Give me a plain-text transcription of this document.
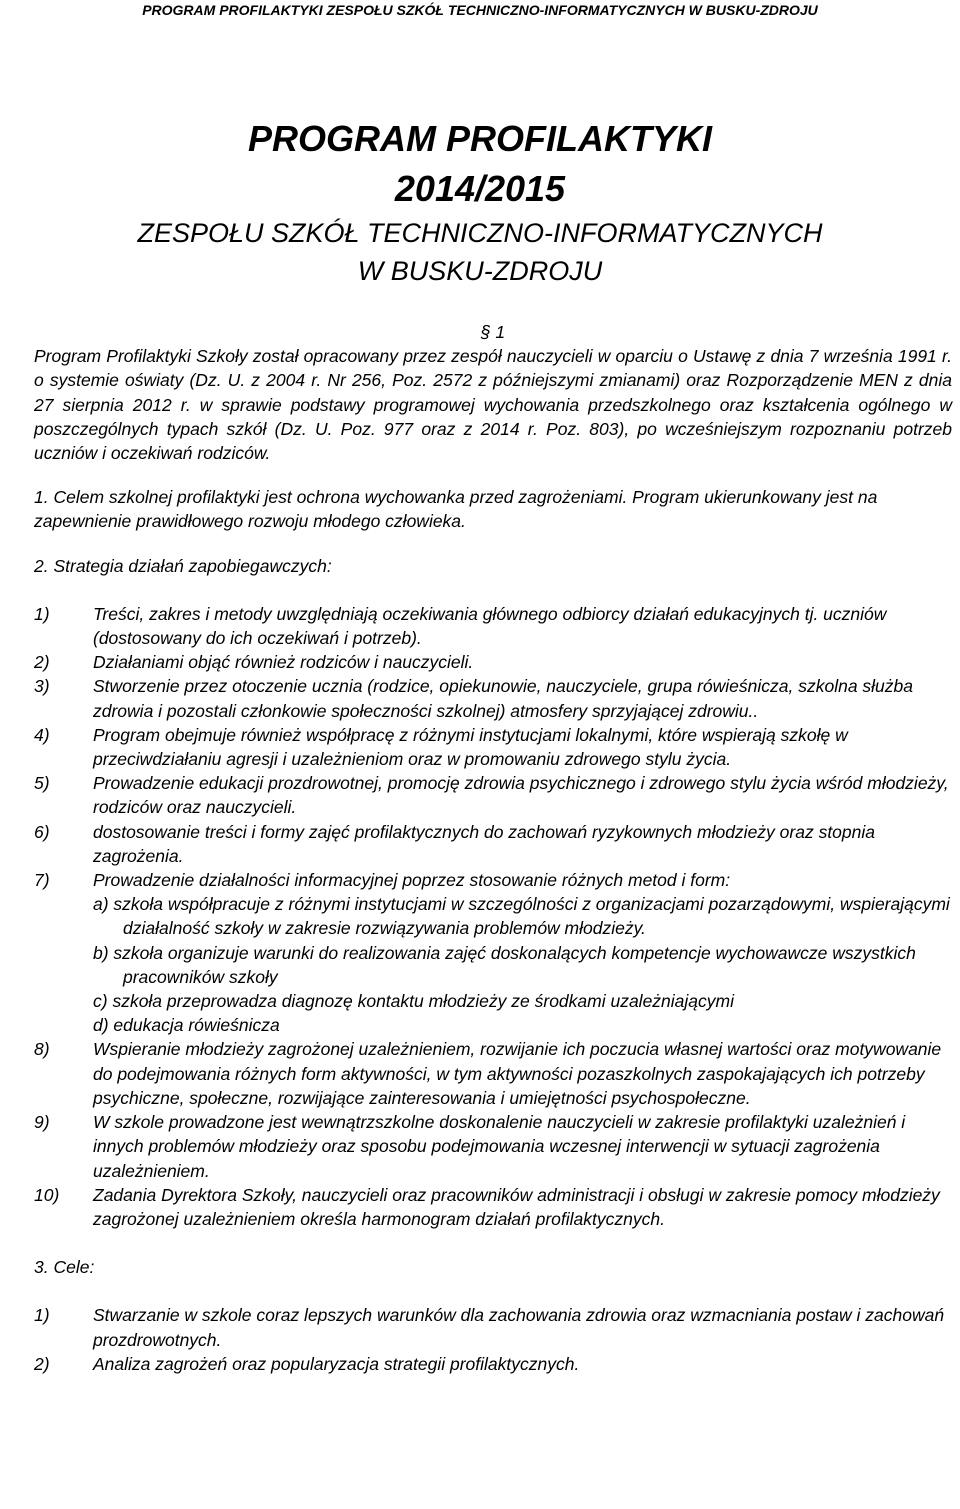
PROGRAM PROFILAKTYKI ZESPOŁU SZKÓŁ TECHNICZNO-INFORMATYCZNYCH W BUSKU-ZDROJU
PROGRAM PROFILAKTYKI
2014/2015
ZESPOŁU SZKÓŁ TECHNICZNO-INFORMATYCZNYCH
W BUSKU-ZDROJU

§ 1

Program Profilaktyki Szkoły został opracowany przez zespół nauczycieli w oparciu o Ustawę z dnia 7 września 1991 r. o systemie oświaty (Dz. U. z 2004 r. Nr 256, Poz. 2572 z późniejszymi zmianami) oraz Rozporządzenie MEN z dnia 27 sierpnia 2012 r. w sprawie podstawy programowej wychowania przedszkolnego oraz kształcenia ogólnego w poszczególnych typach szkół (Dz. U. Poz. 977 oraz z 2014 r. Poz. 803), po wcześniejszym rozpoznaniu potrzeb uczniów i oczekiwań rodziców.

1. Celem szkolnej profilaktyki jest ochrona wychowanka przed zagrożeniami. Program ukierunkowany jest na zapewnienie prawidłowego rozwoju młodego człowieka.

2. Strategia działań zapobiegawczych:

1) Treści, zakres i metody uwzględniają oczekiwania głównego odbiorcy działań edukacyjnych tj. uczniów (dostosowany do ich oczekiwań i potrzeb).
2) Działaniami objąć również rodziców i nauczycieli.
3) Stworzenie przez otoczenie ucznia (rodzice, opiekunowie, nauczyciele, grupa rówieśnicza, szkolna służba zdrowia i pozostali członkowie społeczności szkolnej) atmosfery sprzyjającej zdrowiu..
4) Program obejmuje również współpracę z różnymi instytucjami lokalnymi, które wspierają szkołę w przeciwdziałaniu agresji i uzależnieniom oraz w promowaniu zdrowego stylu życia.
5) Prowadzenie edukacji prozdrowotnej, promocję zdrowia psychicznego i zdrowego stylu życia wśród młodzieży, rodziców oraz nauczycieli.
6) dostosowanie treści i formy zajęć profilaktycznych do zachowań ryzykownych młodzieży oraz stopnia zagrożenia.
7) Prowadzenie działalności informacyjnej poprzez stosowanie różnych metod i form:
a) szkoła współpracuje z różnymi instytucjami w szczególności z organizacjami pozarządowymi, wspierającymi działalność szkoły w zakresie rozwiązywania problemów młodzieży.
b) szkoła organizuje warunki do realizowania zajęć doskonalących kompetencje wychowawcze wszystkich pracowników szkoły
c) szkoła przeprowadza diagnozę kontaktu młodzieży ze środkami uzależniającymi
d) edukacja rówieśnicza
8) Wspieranie młodzieży zagrożonej uzależnieniem, rozwijanie ich poczucia własnej wartości oraz motywowanie do podejmowania różnych form aktywności, w tym aktywności pozaszkolnych zaspokajających ich potrzeby psychiczne, społeczne, rozwijające zainteresowania i umiejętności psychospołeczne.
9) W szkole prowadzone jest wewnątrzszkolne doskonalenie nauczycieli w zakresie profilaktyki uzależnień i innych problemów młodzieży oraz sposobu podejmowania wczesnej interwencji w sytuacji zagrożenia uzależnieniem.
10) Zadania Dyrektora Szkoły, nauczycieli oraz pracowników administracji i obsługi w zakresie pomocy młodzieży zagrożonej uzależnieniem określa harmonogram działań profilaktycznych.

3. Cele:

1) Stwarzanie w szkole coraz lepszych warunków dla zachowania zdrowia oraz wzmacniania postaw i zachowań prozdrowotnych.
2) Analiza zagrożeń oraz popularyzacja strategii profilaktycznych.
